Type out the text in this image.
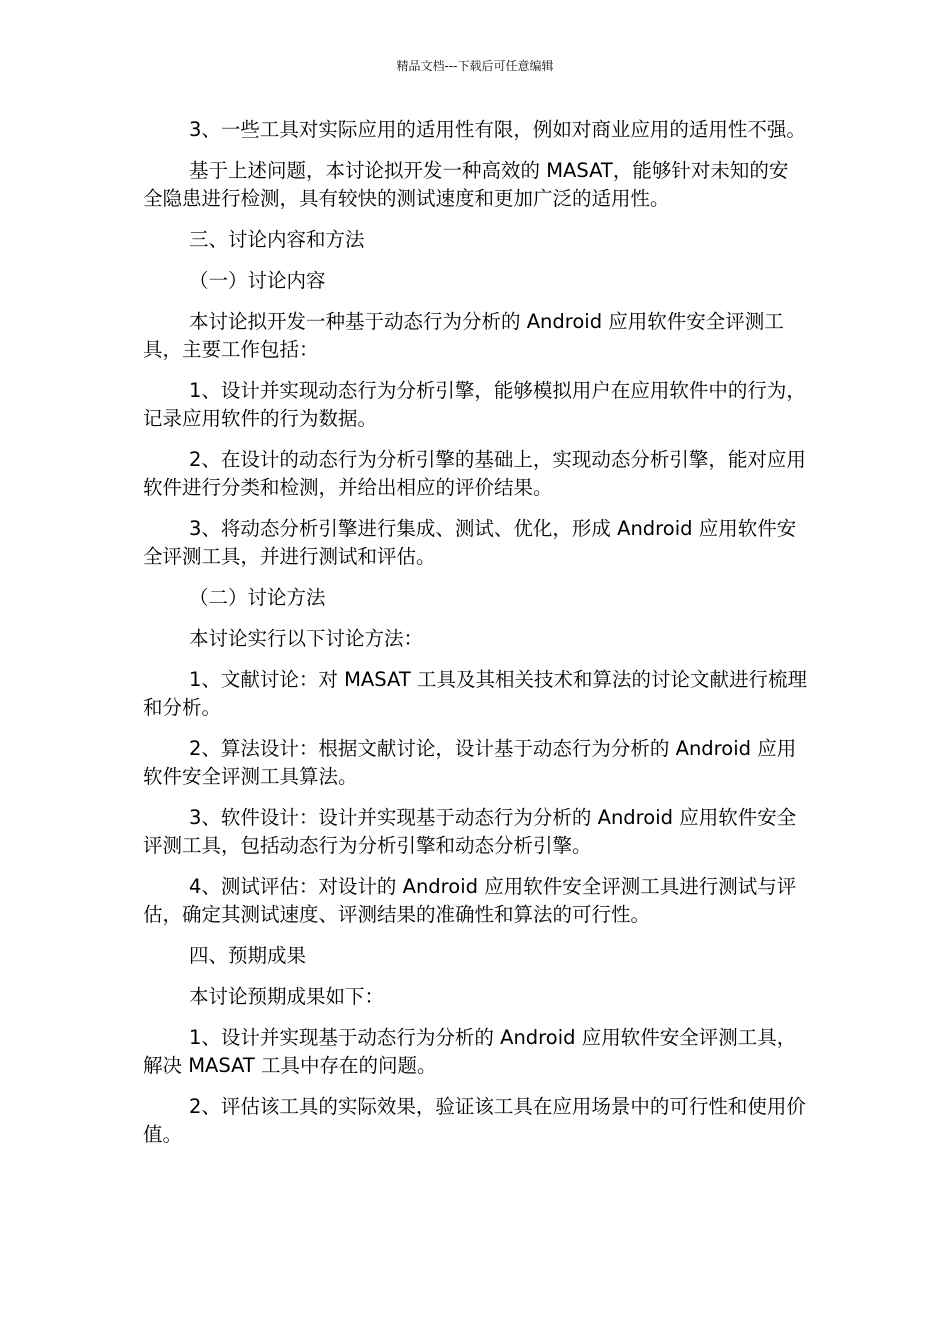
精品文档---下载后可任意编辑

3、一些工具对实际应用的适用性有限，例如对商业应用的适用性不强。

基于上述问题，本讨论拟开发一种高效的 MASAT，能够针对未知的安全隐患进行检测，具有较快的测试速度和更加广泛的适用性。

三、讨论内容和方法

（一）讨论内容

本讨论拟开发一种基于动态行为分析的 Android 应用软件安全评测工具，主要工作包括：

1、设计并实现动态行为分析引擎，能够模拟用户在应用软件中的行为，记录应用软件的行为数据。

2、在设计的动态行为分析引擎的基础上，实现动态分析引擎，能对应用软件进行分类和检测，并给出相应的评价结果。

3、将动态分析引擎进行集成、测试、优化，形成 Android 应用软件安全评测工具，并进行测试和评估。

（二）讨论方法

本讨论实行以下讨论方法：

1、文献讨论：对 MASAT 工具及其相关技术和算法的讨论文献进行梳理和分析。

2、算法设计：根据文献讨论，设计基于动态行为分析的 Android 应用软件安全评测工具算法。

3、软件设计：设计并实现基于动态行为分析的 Android 应用软件安全评测工具，包括动态行为分析引擎和动态分析引擎。

4、测试评估：对设计的 Android 应用软件安全评测工具进行测试与评估，确定其测试速度、评测结果的准确性和算法的可行性。

四、预期成果

本讨论预期成果如下：

1、设计并实现基于动态行为分析的 Android 应用软件安全评测工具，解决 MASAT 工具中存在的问题。

2、评估该工具的实际效果，验证该工具在应用场景中的可行性和使用价值。
